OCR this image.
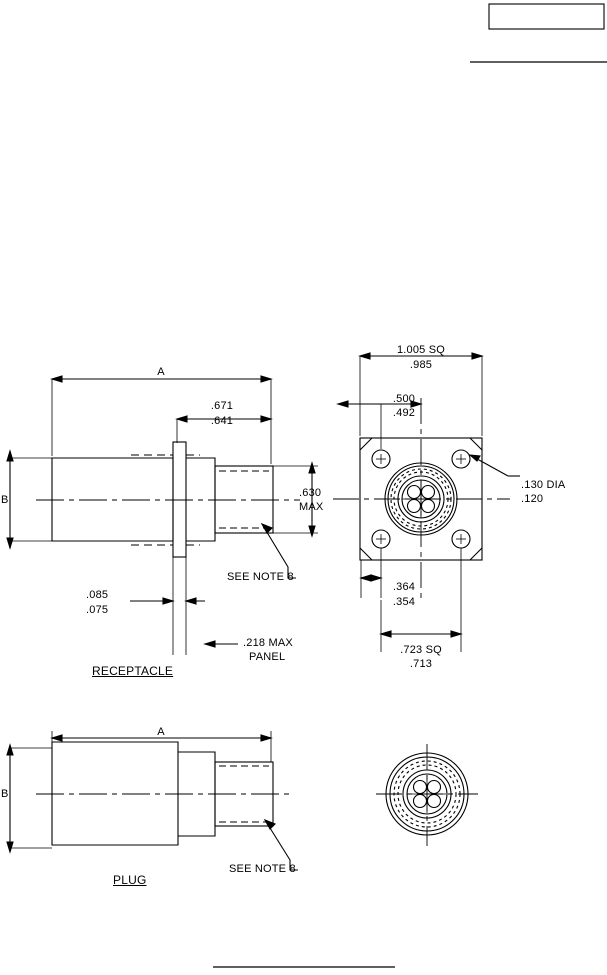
A
B
.671
.641
.630
MAX
.085
.075
.218 MAX
PANEL
SEE NOTE 8
RECEPTACLE
1.005 SQ
.985
.500
.492
.130 DIA
.120
.364
.354
.723 SQ
.713
A
B
SEE NOTE 8
PLUG
